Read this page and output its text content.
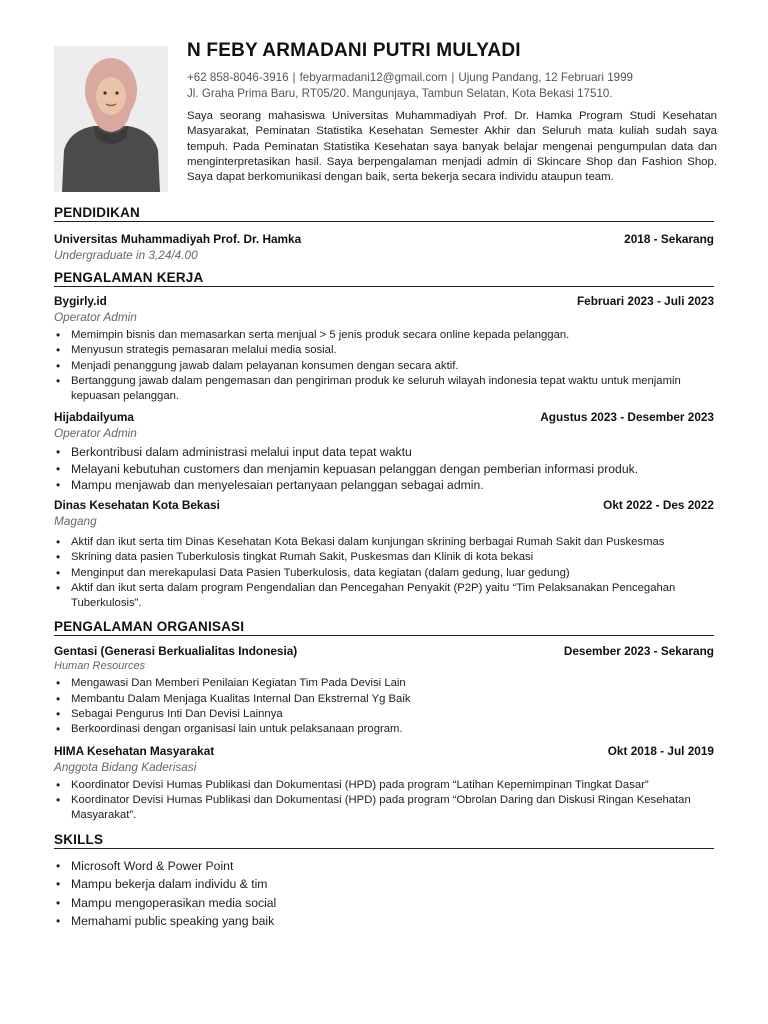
N FEBY ARMADANI PUTRI MULYADI
+62 858-8046-3916 | febyarmadani12@gmail.com | Ujung Pandang, 12 Februari 1999
Jl. Graha Prima Baru, RT05/20. Mangunjaya, Tambun Selatan, Kota Bekasi 17510.

Saya seorang mahasiswa Universitas Muhammadiyah Prof. Dr. Hamka Program Studi Kesehatan Masyarakat, Peminatan Statistika Kesehatan Semester Akhir dan Seluruh mata kuliah sudah saya tempuh. Pada Peminatan Statistika Kesehatan saya banyak belajar mengenai pengumpulan data dan menginterpretasikan hasil. Saya berpengalaman menjadi admin di Skincare Shop dan Fashion Shop. Saya dapat berkomunikasi dengan baik, serta bekerja secara individu ataupun team.

PENDIDIKAN
Universitas Muhammadiyah Prof. Dr. Hamka	2018 - Sekarang
Undergraduate in 3,24/4.00
PENGALAMAN KERJA
Bygirly.id	Februari 2023 - Juli 2023
Operator Admin
• Memimpin bisnis dan memasarkan serta menjual > 5 jenis produk secara online kepada pelanggan.
• Menyusun strategis pemasaran melalui media sosial.
• Menjadi penanggung jawab dalam pelayanan konsumen dengan secara aktif.
• Bertanggung jawab dalam pengemasan dan pengiriman produk ke seluruh wilayah indonesia tepat waktu untuk menjamin kepuasan pelanggan.
Hijabdailyuma	Agustus 2023 - Desember 2023
Operator Admin
• Berkontribusi dalam administrasi melalui input data tepat waktu
• Melayani kebutuhan customers dan menjamin kepuasan pelanggan dengan pemberian informasi produk.
• Mampu menjawab dan menyelesaian pertanyaan pelanggan sebagai admin.
Dinas Kesehatan Kota Bekasi	Okt 2022 - Des 2022
Magang
• Aktif dan ikut serta tim Dinas Kesehatan Kota Bekasi dalam kunjungan skrining berbagai Rumah Sakit dan Puskesmas
• Skrining data pasien Tuberkulosis tingkat Rumah Sakit, Puskesmas dan Klinik di kota bekasi
• Menginput dan merekapulasi Data Pasien Tuberkulosis, data kegiatan (dalam gedung, luar gedung)
• Aktif dan ikut serta dalam program Pengendalian dan Pencegahan Penyakit (P2P) yaitu “Tim Pelaksanakan Pencegahan Tuberkulosis”.
PENGALAMAN ORGANISASI
Gentasi (Generasi Berkualialitas Indonesia)	Desember 2023 - Sekarang
Human Resources
• Mengawasi Dan Memberi Penilaian Kegiatan Tim Pada Devisi Lain
• Membantu Dalam Menjaga Kualitas Internal Dan Ekstrernal Yg Baik
• Sebagai Pengurus Inti Dan Devisi Lainnya
• Berkoordinasi dengan organisasi lain untuk pelaksanaan program.
HIMA Kesehatan Masyarakat	Okt 2018 - Jul 2019
Anggota Bidang Kaderisasi
• Koordinator Devisi Humas Publikasi dan Dokumentasi (HPD) pada program “Latihan Kepemimpinan Tingkat Dasar”
• Koordinator Devisi Humas Publikasi dan Dokumentasi (HPD) pada program “Obrolan Daring dan Diskusi Ringan Kesehatan Masyarakat”.
SKILLS
• Microsoft Word & Power Point
• Mampu bekerja dalam individu & tim
• Mampu mengoperasikan media social
• Memahami public speaking yang baik
